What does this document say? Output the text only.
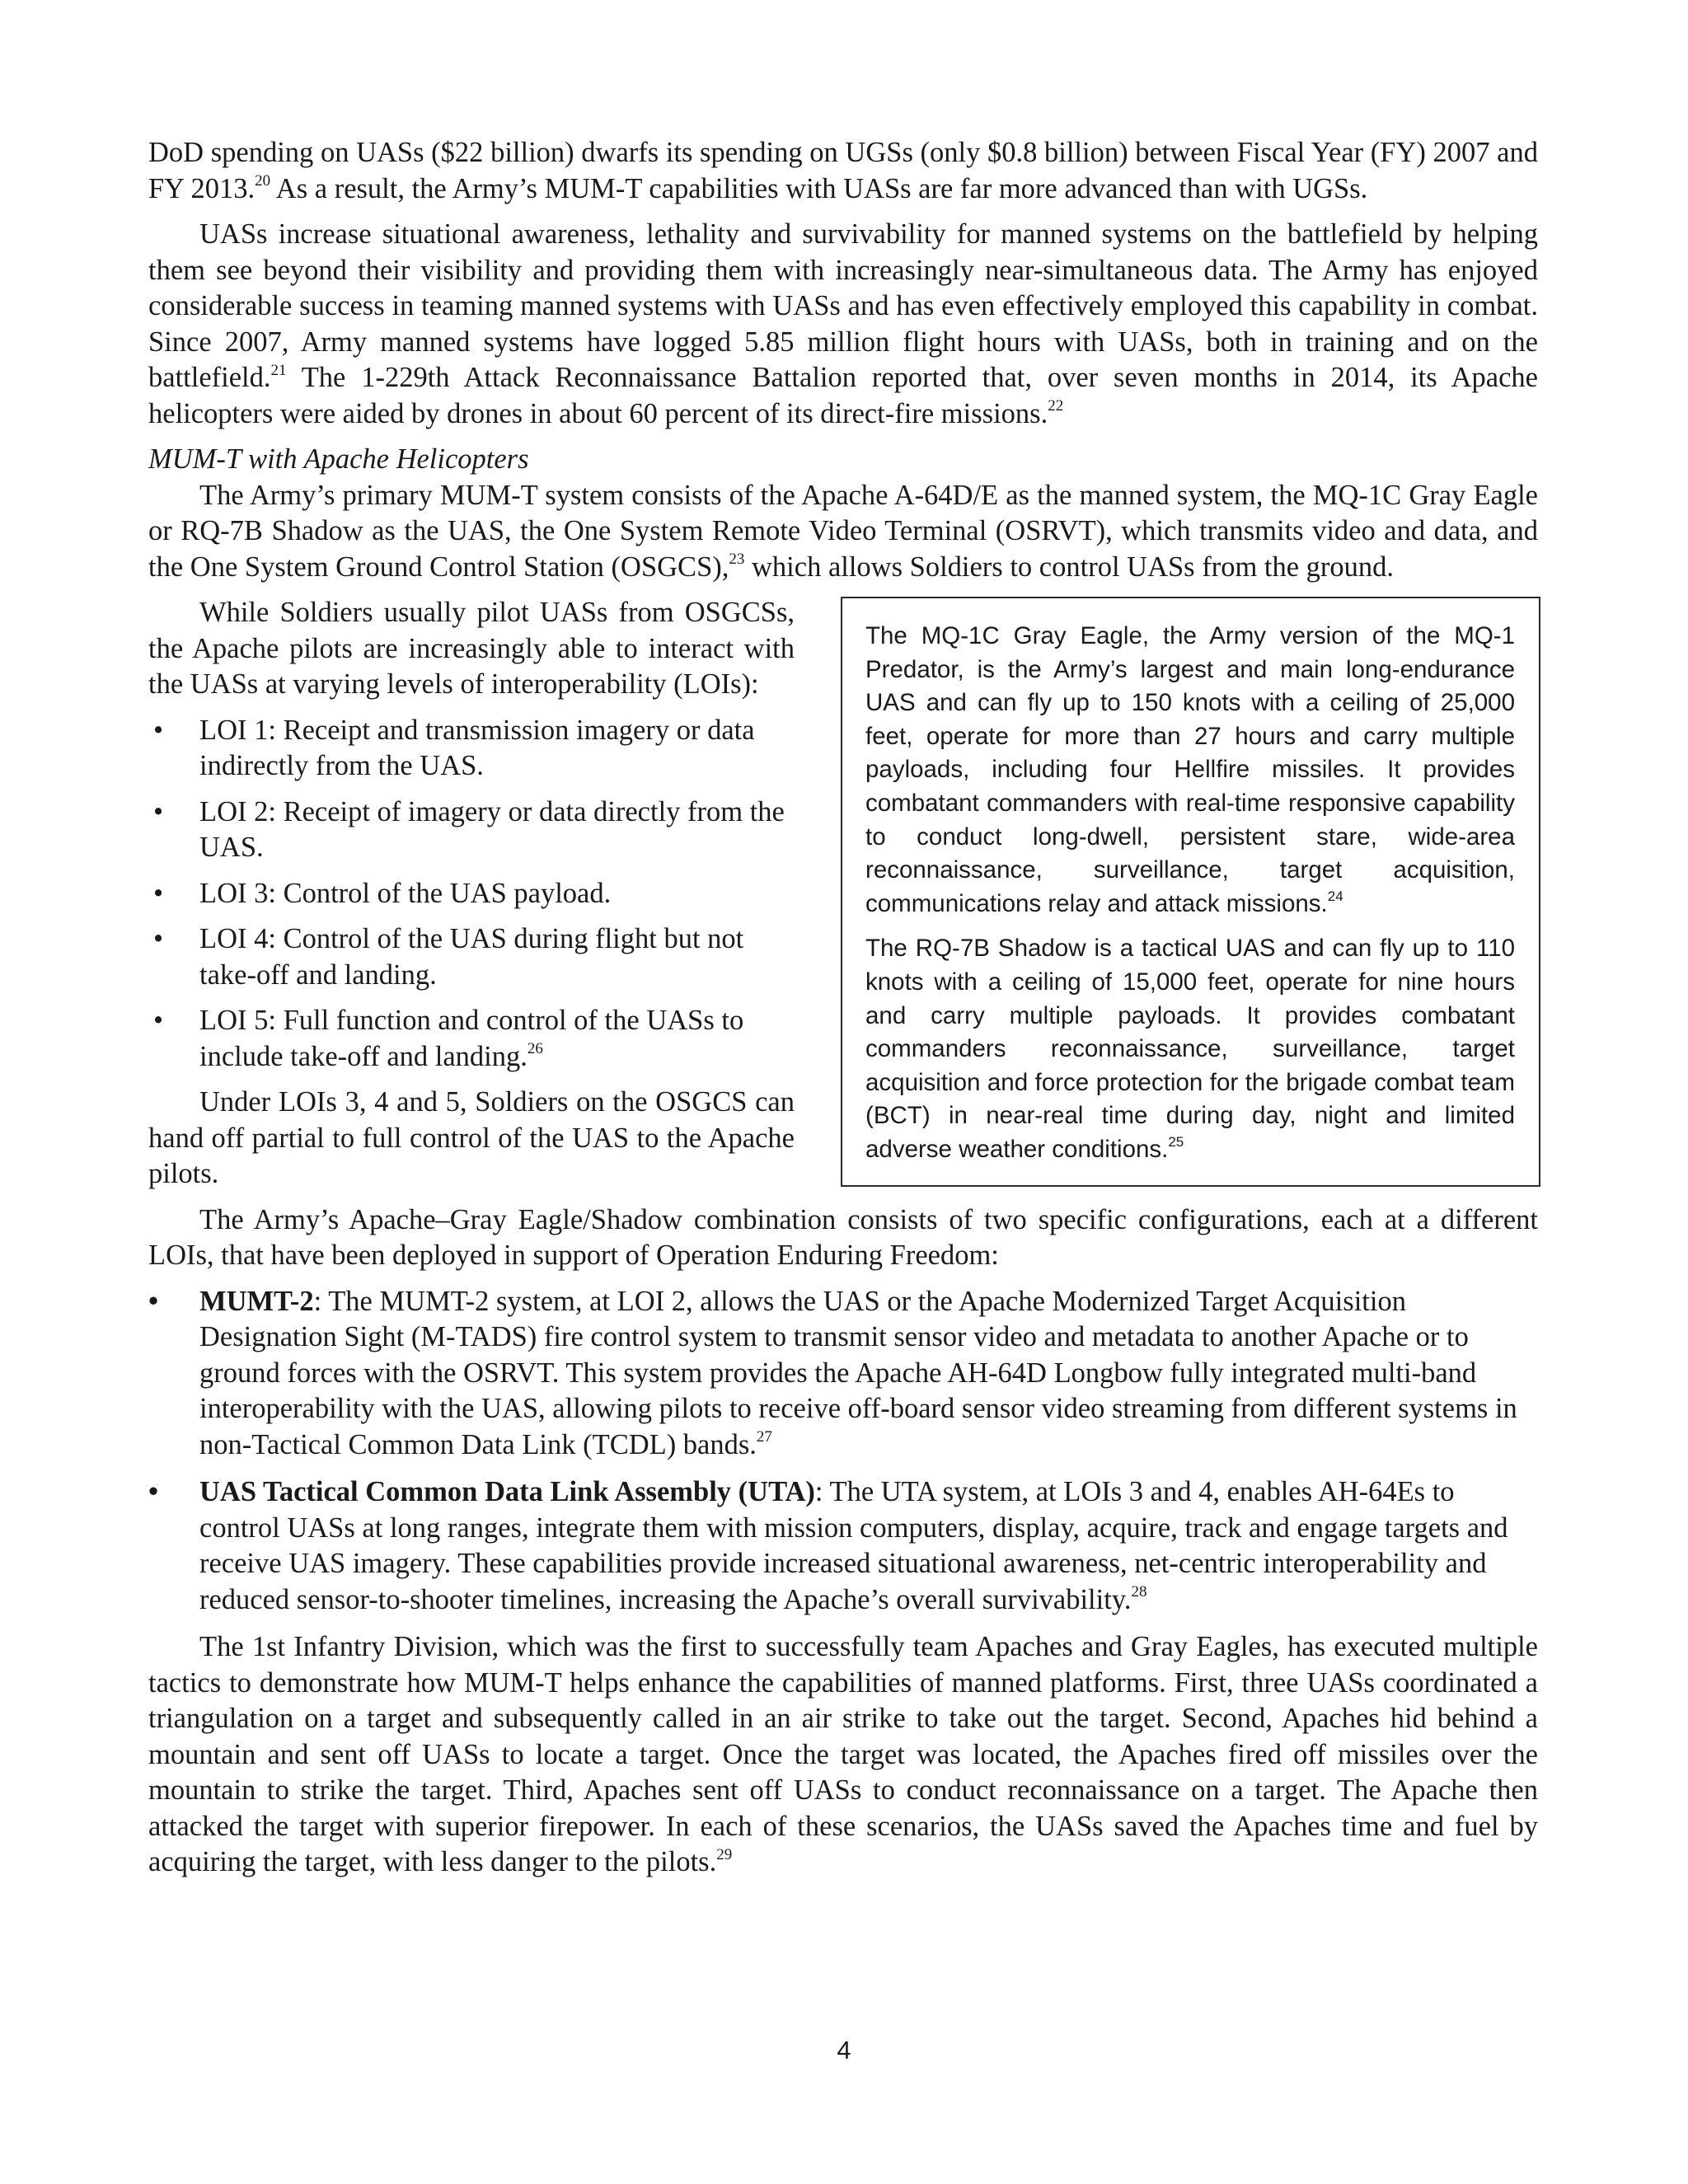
DoD spending on UASs ($22 billion) dwarfs its spending on UGSs (only $0.8 billion) between Fiscal Year (FY) 2007 and FY 2013.20 As a result, the Army’s MUM-T capabilities with UASs are far more advanced than with UGSs.

UASs increase situational awareness, lethality and survivability for manned systems on the battlefield by helping them see beyond their visibility and providing them with increasingly near-simultaneous data. The Army has enjoyed considerable success in teaming manned systems with UASs and has even effectively employed this capability in combat. Since 2007, Army manned systems have logged 5.85 million flight hours with UASs, both in training and on the battlefield.$^{21}$ The 1-229th Attack Reconnaissance Battalion reported that, over seven months in 2014, its Apache helicopters were aided by drones in about 60 percent of its direct-fire missions.$^{22}$

MUM-T with Apache Helicopters

The Army’s primary MUM-T system consists of the Apache A-64D/E as the manned system, the MQ-1C Gray Eagle or RQ-7B Shadow as the UAS, the One System Remote Video Terminal (OSRVT), which transmits video and data, and the One System Ground Control Station (OSGCS),$^{23}$ which allows Soldiers to control UASs from the ground.

While Soldiers usually pilot UASs from OSGCSs, the Apache pilots are increasingly able to interact with the UASs at varying levels of interoperability (LOIs):

• LOI 1: Receipt and transmission imagery or data indirectly from the UAS.
• LOI 2: Receipt of imagery or data directly from the UAS.
• LOI 3: Control of the UAS payload.
• LOI 4: Control of the UAS during flight but not take-off and landing.
• LOI 5: Full function and control of the UASs to include take-off and landing.$^{26}$

Under LOIs 3, 4 and 5, Soldiers on the OSGCS can hand off partial to full control of the UAS to the Apache pilots.

The MQ-1C Gray Eagle, the Army version of the MQ-1 Predator, is the Army’s largest and main long-endurance UAS and can fly up to 150 knots with a ceiling of 25,000 feet, operate for more than 27 hours and carry multiple payloads, including four Hellfire missiles. It provides combatant commanders with real-time responsive capability to conduct long-dwell, persistent stare, wide-area reconnaissance, surveillance, target acquisition, communications relay and attack missions.$^{24}$

The RQ-7B Shadow is a tactical UAS and can fly up to 110 knots with a ceiling of 15,000 feet, operate for nine hours and carry multiple payloads. It provides combatant commanders reconnaissance, surveillance, target acquisition and force protection for the brigade combat team (BCT) in near-real time during day, night and limited adverse weather conditions.$^{25}$

The Army’s Apache–Gray Eagle/Shadow combination consists of two specific configurations, each at a different LOIs, that have been deployed in support of Operation Enduring Freedom:

• MUMT-2: The MUMT-2 system, at LOI 2, allows the UAS or the Apache Modernized Target Acquisition Designation Sight (M-TADS) fire control system to transmit sensor video and metadata to another Apache or to ground forces with the OSRVT. This system provides the Apache AH-64D Longbow fully integrated multi-band interoperability with the UAS, allowing pilots to receive off-board sensor video streaming from different systems in non-Tactical Common Data Link (TCDL) bands.$^{27}$
• UAS Tactical Common Data Link Assembly (UTA): The UTA system, at LOIs 3 and 4, enables AH-64Es to control UASs at long ranges, integrate them with mission computers, display, acquire, track and engage targets and receive UAS imagery. These capabilities provide increased situational awareness, net-centric interoperability and reduced sensor-to-shooter timelines, increasing the Apache’s overall survivability.$^{28}$

The 1st Infantry Division, which was the first to successfully team Apaches and Gray Eagles, has executed multiple tactics to demonstrate how MUM-T helps enhance the capabilities of manned platforms. First, three UASs coordinated a triangulation on a target and subsequently called in an air strike to take out the target. Second, Apaches hid behind a mountain and sent off UASs to locate a target. Once the target was located, the Apaches fired off missiles over the mountain to strike the target. Third, Apaches sent off UASs to conduct reconnaissance on a target. The Apache then attacked the target with superior firepower. In each of these scenarios, the UASs saved the Apaches time and fuel by acquiring the target, with less danger to the pilots.$^{29}$

4
